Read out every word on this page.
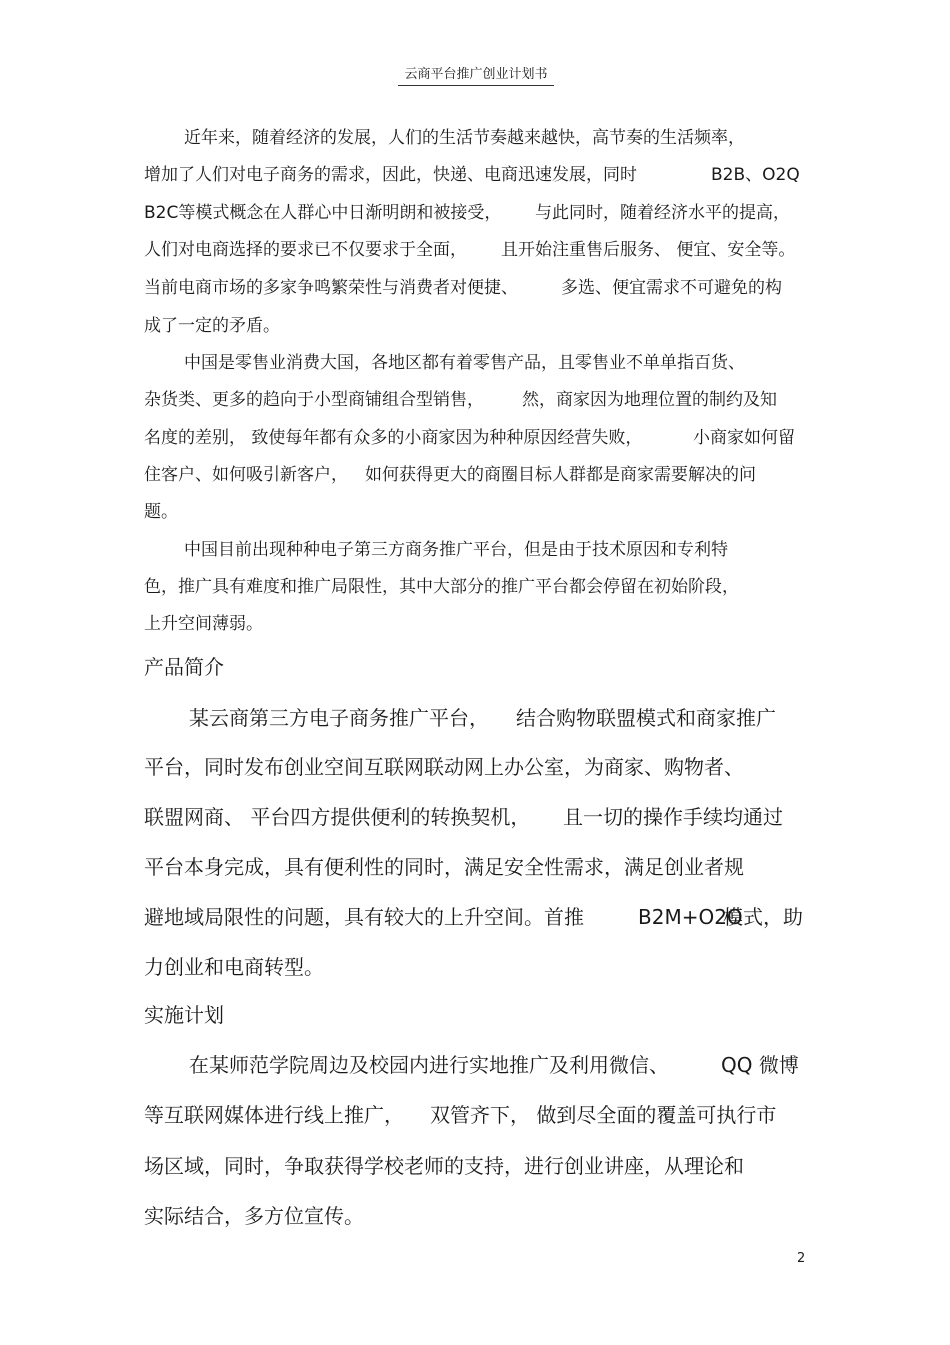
云商平台推广创业计划书
近年来，随着经济的发展，人们的生活节奏越来越快，高节奏的生活频率，
增加了人们对电子商务的需求，因此，快递、电商迅速发展，同时	B2B、O2Q
B2C等模式概念在人群心中日渐明朗和被接受， 与此同时，随着经济水平的提高，
人们对电商选择的要求已不仅要求于全面， 且开始注重售后服务、 便宜、安全等。
当前电商市场的多家争鸣繁荣性与消费者对便捷、	多选、便宜需求不可避免的构
成了一定的矛盾。
中国是零售业消费大国，各地区都有着零售产品，且零售业不单单指百货、
杂货类、更多的趋向于小型商铺组合型销售， 然，商家因为地理位置的制约及知
名度的差别， 致使每年都有众多的小商家因为种种原因经营失败，	小商家如何留
住客户、如何吸引新客户， 如何获得更大的商圈目标人群都是商家需要解决的问
题。
中国目前出现种种电子第三方商务推广平台，但是由于技术原因和专利特
色，推广具有难度和推广局限性，其中大部分的推广平台都会停留在初始阶段，
上升空间薄弱。
产品简介
某云商第三方电子商务推广平台， 结合购物联盟模式和商家推广
平台，同时发布创业空间互联网联动网上办公室，为商家、购物者、
联盟网商、 平台四方提供便利的转换契机， 且一切的操作手续均通过
平台本身完成，具有便利性的同时，满足安全性需求，满足创业者规
避地域局限性的问题，具有较大的上升空间。首推	B2M+O2O
模式，助
力创业和电商转型。
实施计划
在某师范学院周边及校园内进行实地推广及利用微信、	QQ 微博
等互联网媒体进行线上推广， 双管齐下， 做到尽全面的覆盖可执行市
场区域，同时，争取获得学校老师的支持，进行创业讲座，从理论和
实际结合，多方位宣传。
2
